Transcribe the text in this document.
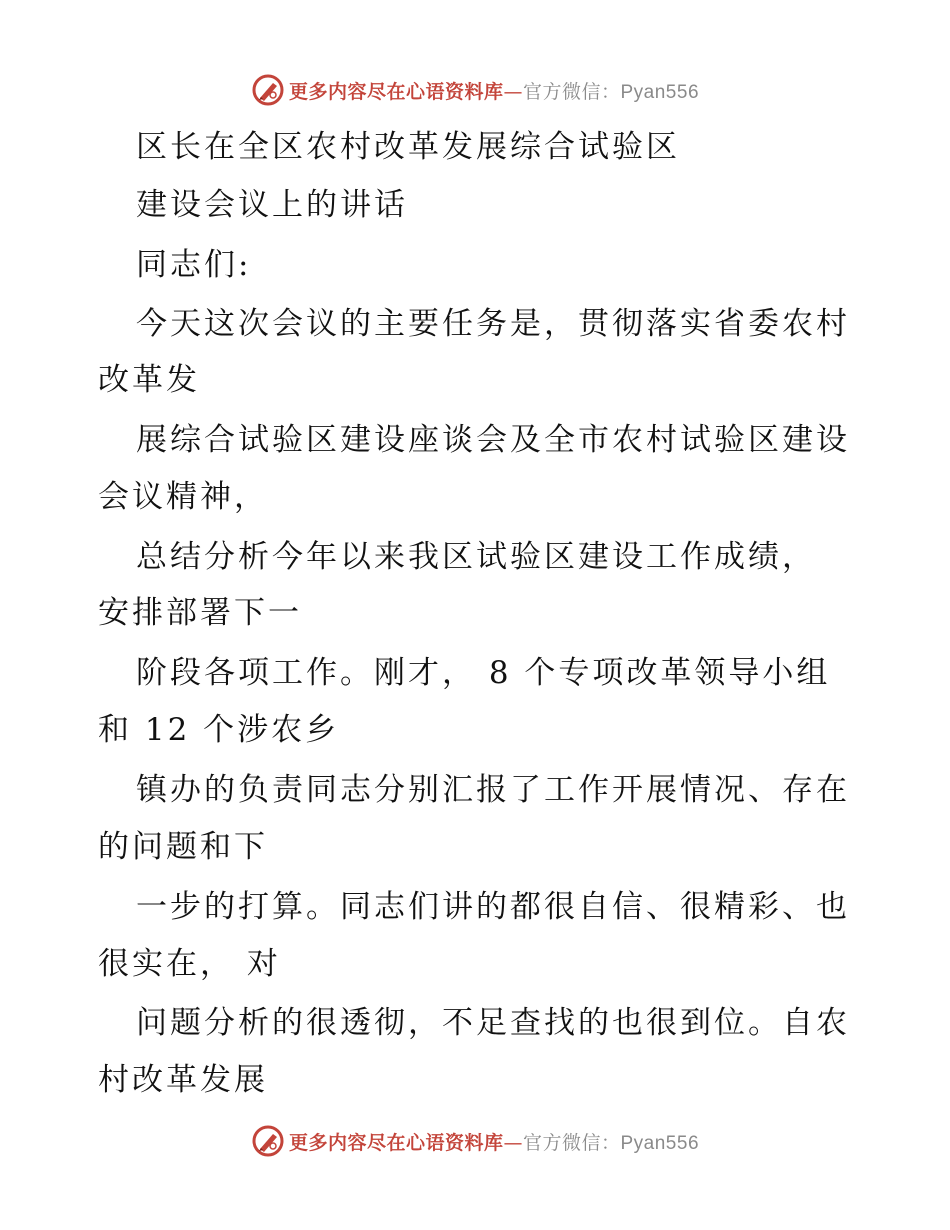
更多内容尽在心语资料库—官方微信：Pyan556
区长在全区农村改革发展综合试验区
建设会议上的讲话
同志们:
今天这次会议的主要任务是，贯彻落实省委农村
改革发
展综合试验区建设座谈会及全市农村试验区建设
会议精神，
总结分析今年以来我区试验区建设工作成绩，
安排部署下一
阶段各项工作。刚才， 8 个专项改革领导小组
和 12 个涉农乡
镇办的负责同志分别汇报了工作开展情况、存在
的问题和下
一步的打算。同志们讲的都很自信、很精彩、也
很实在， 对
问题分析的很透彻，不足查找的也很到位。自农
村改革发展
更多内容尽在心语资料库—官方微信：Pyan556
